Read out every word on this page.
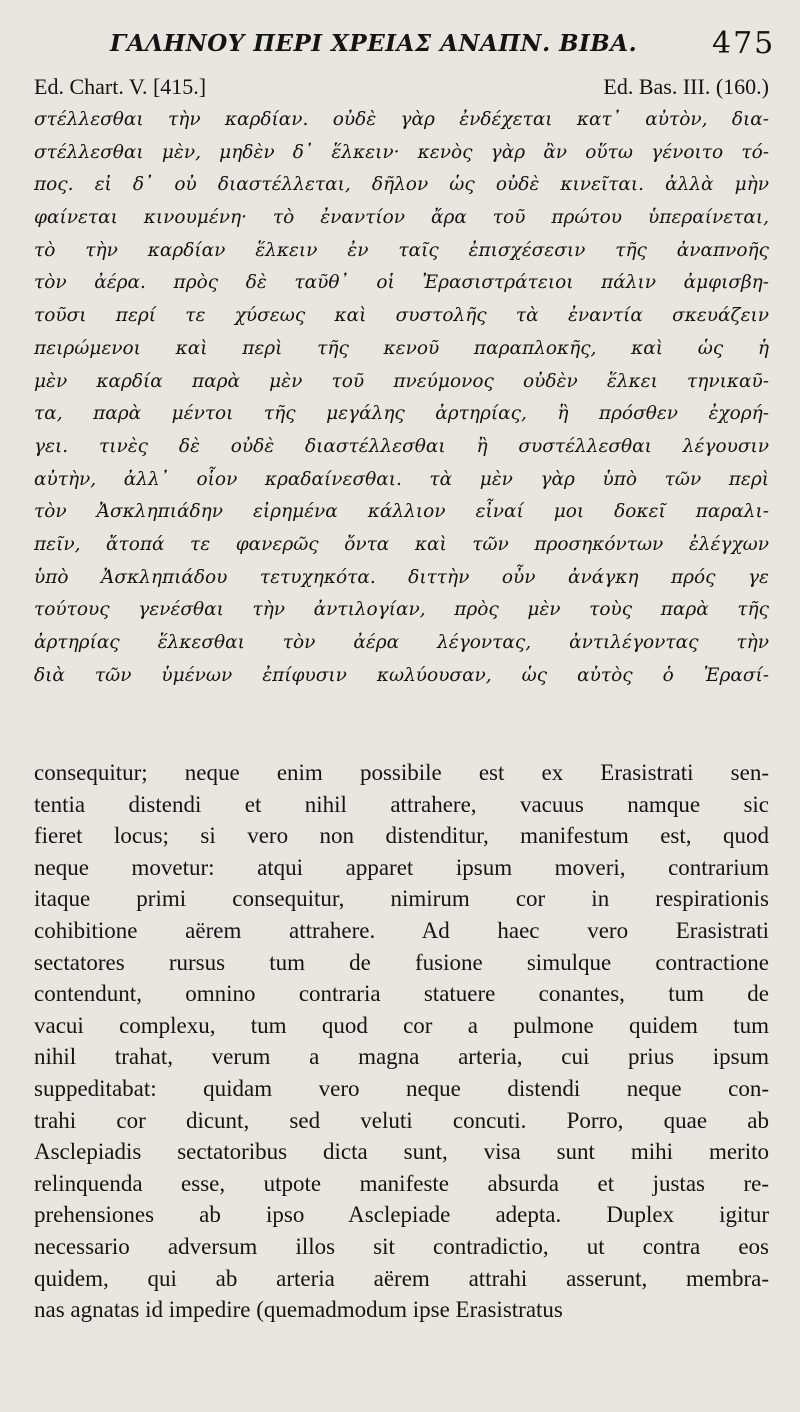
ΓΑΛΗΝΟΥ ΠΕΡΙ ΧΡΕΙΑΣ ΑΝΑΠΝ. ΒΙΒΑ. 475
Ed. Chart. V. [415.]	Ed. Bas. III. (160.)
στέλλεσθαι τὴν καρδίαν. οὐδὲ γὰρ ἐνδέχεται κατ᾽ αὐτὸν, δια-
στέλλεσθαι μὲν, μηδὲν δ᾽ ἕλκειν· κενὸς γὰρ ἂν οὕτω γένοιτο τό-
πος. εἰ δ᾽ οὐ διαστέλλεται, δῆλον ὡς οὐδὲ κινεῖται. ἀλλὰ μὴν
φαίνεται κινουμένη· τὸ ἐναντίον ἄρα τοῦ πρώτου ὑπεραίνεται,
τὸ τὴν καρδίαν ἕλκειν ἐν ταῖς ἐπισχέσεσιν τῆς ἀναπνοῆς
τὸν ἀέρα. πρὸς δὲ ταῦθ᾽ οἱ Ἐρασιστράτειοι πάλιν ἀμφισβη-
τοῦσι περί τε χύσεως καὶ συστολῆς τὰ ἐναντία σκευάζειν
πειρώμενοι καὶ περὶ τῆς κενοῦ παραπλοκῆς, καὶ ὡς ἡ
μὲν καρδία παρὰ μὲν τοῦ πνεύμονος οὐδὲν ἕλκει τηνικαῦ-
τα, παρὰ μέντοι τῆς μεγάλης ἀρτηρίας, ἣ πρόσθεν ἐχορή-
γει. τινὲς δὲ οὐδὲ διαστέλλεσθαι ἢ συστέλλεσθαι λέγουσιν
αὐτὴν, ἀλλ᾽ οἷον κραδαίνεσθαι. τὰ μὲν γὰρ ὑπὸ τῶν περὶ
τὸν Ἀσκληπιάδην εἰρημένα κάλλιον εἶναί μοι δοκεῖ παραλι-
πεῖν, ἄτοπά τε φανερῶς ὄντα καὶ τῶν προσηκόντων ἐλέγχων
ὑπὸ Ἀσκληπιάδου τετυχηκότα. διττὴν οὖν ἀνάγκη πρός γε
τούτους γενέσθαι τὴν ἀντιλογίαν, πρὸς μὲν τοὺς παρὰ τῆς
ἀρτηρίας ἕλκεσθαι τὸν ἀέρα λέγοντας, ἀντιλέγοντας τὴν
διὰ τῶν ὑμένων ἐπίφυσιν κωλύουσαν, ὡς αὐτὸς ὁ Ἐρασί-
consequitur; neque enim possibile est ex Erasistrati sen-
tentia distendi et nihil attrahere, vacuus namque sic
fieret locus; si vero non distenditur, manifestum est, quod
neque movetur: atqui apparet ipsum moveri, contrarium
itaque primi consequitur, nimirum cor in respirationis
cohibitione aërem attrahere. Ad haec vero Erasistrati
sectatores rursus tum de fusione simulque contractione
contendunt, omnino contraria statuere conantes, tum de
vacui complexu, tum quod cor a pulmone quidem tum
nihil trahat, verum a magna arteria, cui prius ipsum
suppeditabat: quidam vero neque distendi neque con-
trahi cor dicunt, sed veluti concuti. Porro, quae ab
Asclepiadis sectatoribus dicta sunt, visa sunt mihi merito
relinquenda esse, utpote manifeste absurda et justas re-
prehensiones ab ipso Asclepiade adepta. Duplex igitur
necessario adversum illos sit contradictio, ut contra eos
quidem, qui ab arteria aërem attrahi asserunt, membra-
nas agnatas id impedire (quemadmodum ipse Erasistratus
